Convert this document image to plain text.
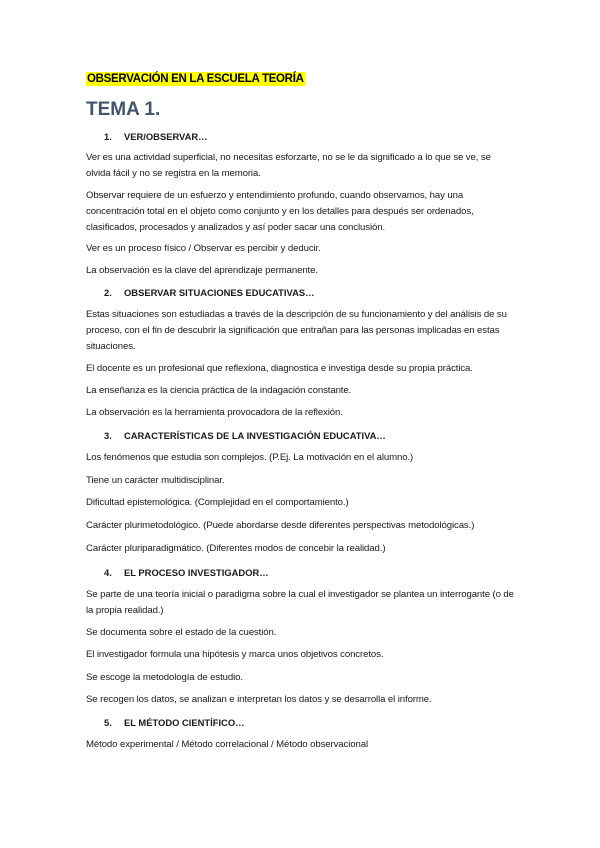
OBSERVACIÓN EN LA ESCUELA TEORÍA
TEMA 1.
1. VER/OBSERVAR…
Ver es una actividad superficial, no necesitas esforzarte, no se le da significado a lo que se ve, se olvida fácil y no se registra en la memoria.
Observar requiere de un esfuerzo y entendimiento profundo, cuando observamos, hay una concentración total en el objeto como conjunto y en los detalles para después ser ordenados, clasificados, procesados y analizados y así poder sacar una conclusión.
Ver es un proceso físico / Observar es percibir y deducir.
La observación es la clave del aprendizaje permanente.
2. OBSERVAR SITUACIONES EDUCATIVAS…
Estas situaciones son estudiadas a través de la descripción de su funcionamiento y del análisis de su proceso, con el fin de descubrir la significación que entrañan para las personas implicadas en estas situaciones.
El docente es un profesional que reflexiona, diagnostica e investiga desde su propia práctica.
La enseñanza es la ciencia práctica de la indagación constante.
La observación es la herramienta provocadora de la reflexión.
3. CARACTERÍSTICAS DE LA INVESTIGACIÓN EDUCATIVA…
Los fenómenos que estudia son complejos. (P.Ej. La motivación en el alumno.)
Tiene un carácter multidisciplinar.
Dificultad epistemológica. (Complejidad en el comportamiento.)
Carácter plurimetodológico. (Puede abordarse desde diferentes perspectivas metodológicas.)
Carácter pluriparadigmático. (Diferentes modos de concebir la realidad.)
4. EL PROCESO INVESTIGADOR…
Se parte de una teoría inicial o paradigma sobre la cual el investigador se plantea un interrogante (o de la propia realidad.)
Se documenta sobre el estado de la cuestión.
El investigador formula una hipótesis y marca unos objetivos concretos.
Se escoge la metodología de estudio.
Se recogen los datos, se analizan e interpretan los datos y se desarrolla el informe.
5. EL MÉTODO CIENTÍFICO…
Método experimental / Método correlacional / Método observacional
